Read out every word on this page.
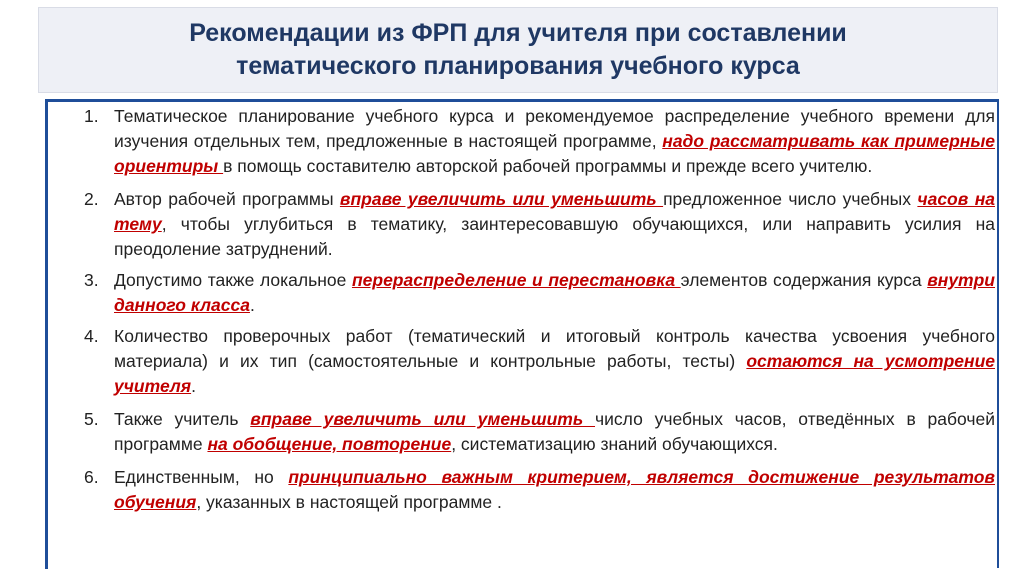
Рекомендации из ФРП для учителя при составлении
тематического планирования учебного курса
1. Тематическое планирование учебного курса и рекомендуемое распределение учебного времени для изучения отдельных тем, предложенные в настоящей программе, надо рассматривать как примерные ориентиры в помощь составителю авторской рабочей программы и прежде всего учителю.
2. Автор рабочей программы вправе увеличить или уменьшить предложенное число учебных часов на тему, чтобы углубиться в тематику, заинтересовавшую обучающихся, или направить усилия на преодоление затруднений.
3. Допустимо также локальное перераспределение и перестановка элементов содержания курса внутри данного класса.
4. Количество проверочных работ (тематический и итоговый контроль качества усвоения учебного материала) и их тип (самостоятельные и контрольные работы, тесты) остаются на усмотрение учителя.
5. Также учитель вправе увеличить или уменьшить число учебных часов, отведённых в рабочей программе на обобщение, повторение, систематизацию знаний обучающихся.
6. Единственным, но принципиально важным критерием, является достижение результатов обучения, указанных в настоящей программе .
